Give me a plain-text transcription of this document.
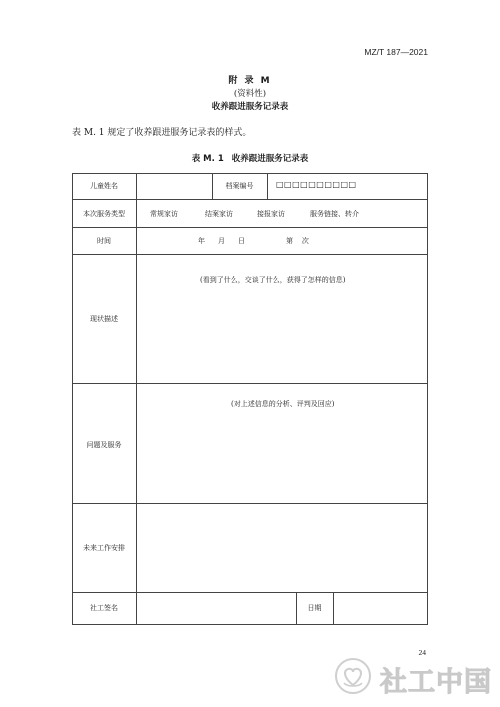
MZ/T 187—2021
附 录 M
(资料性)
收养跟进服务记录表
表 M. 1 规定了收养跟进服务记录表的样式。
表 M. 1 收养跟进服务记录表
儿童姓名	档案编号	□□□□□□□□□□
本次服务类型	常规家访	结案家访	接报家访	服务链接、转介
时间	年 月 日	第    次
现状描述
(看到了什么，交谈了什么，获得了怎样的信息)
问题及服务
(对上述信息的分析、评判及回应)
未来工作安排
社工签名	日期
24
社工中国
